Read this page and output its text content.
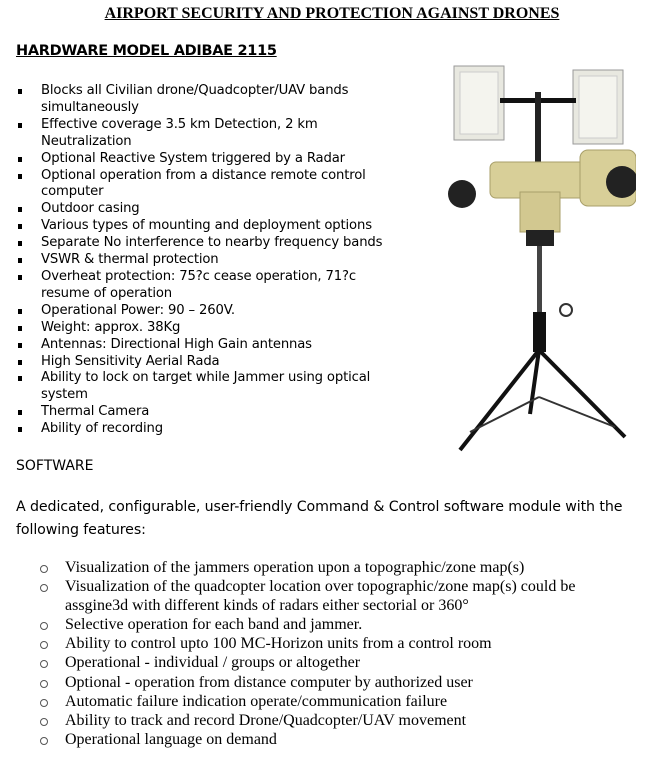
AIRPORT SECURITY AND PROTECTION AGAINST DRONES
HARDWARE MODEL ADIBAE 2115
Blocks all Civilian drone/Quadcopter/UAV bands simultaneously
Effective coverage 3.5 km Detection, 2 km Neutralization
Optional Reactive System triggered by a Radar
Optional operation from a distance remote control computer
Outdoor casing
Various types of mounting and deployment options
Separate No interference to nearby frequency bands
VSWR & thermal protection
Overheat protection: 75?c cease operation, 71?c resume of operation
Operational Power: 90 – 260V.
Weight: approx. 38Kg
Antennas: Directional High Gain antennas
High Sensitivity Aerial Rada
Ability to lock on target while Jammer using optical system
Thermal Camera
Ability of recording
SOFTWARE
A dedicated, configurable, user-friendly Command & Control software module with the following features:
Visualization of the jammers operation upon a topographic/zone map(s)
Visualization of the quadcopter location over topographic/zone map(s) could be assgine3d with different kinds of radars either sectorial or 360°
Selective operation for each band and jammer.
Ability to control upto 100 MC-Horizon units from a control room
Operational - individual / groups or altogether
Optional - operation from distance computer by authorized user
Automatic failure indication operate/communication failure
Ability to track and record Drone/Quadcopter/UAV movement
Operational language on demand
